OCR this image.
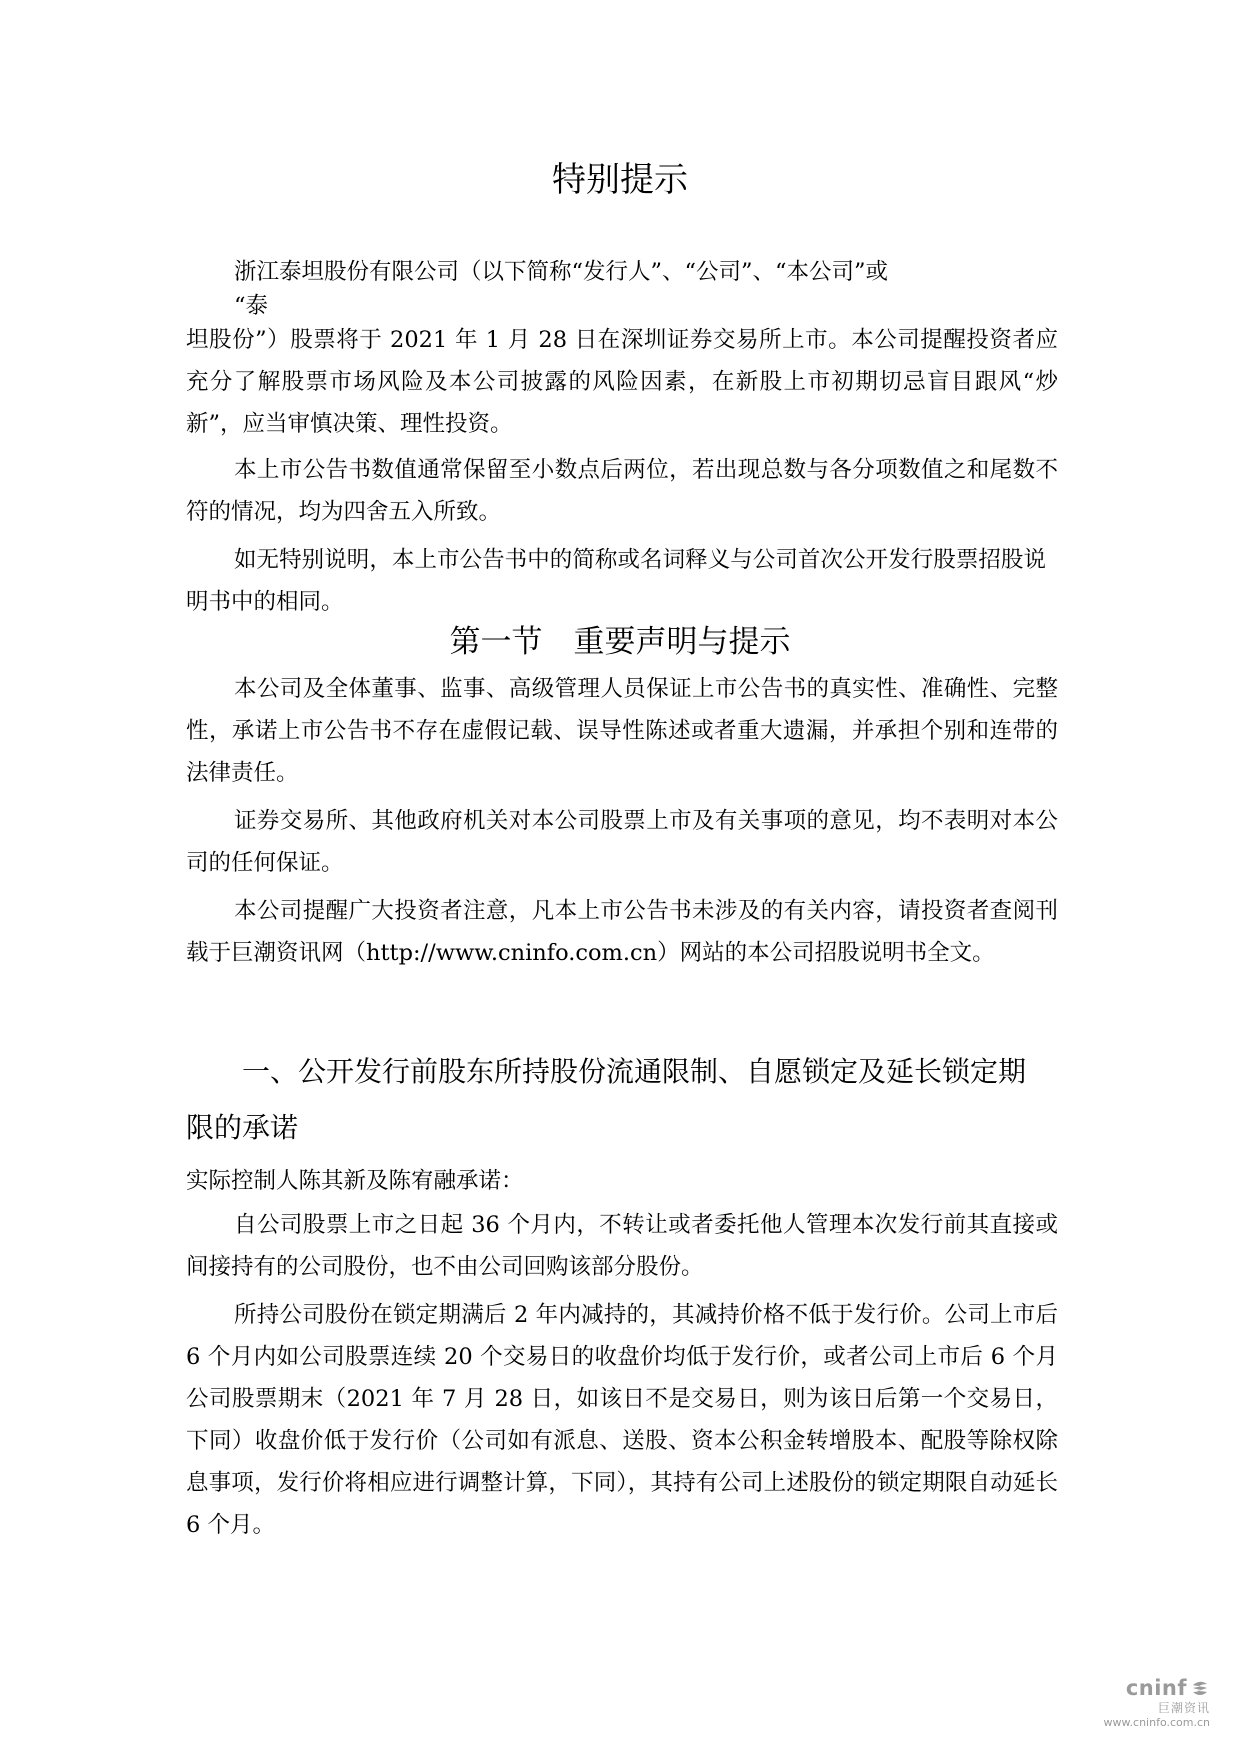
特别提示

浙江泰坦股份有限公司（以下简称“发行人”、“公司”、“本公司”或

“泰

坦股份”）股票将于 2021 年 1 月 28 日在深圳证券交易所上市。本公司提醒投资者应充分了解股票市场风险及本公司披露的风险因素，在新股上市初期切忌盲目跟风“炒新”，应当审慎决策、理性投资。

本上市公告书数值通常保留至小数点后两位，若出现总数与各分项数值之和尾数不符的情况，均为四舍五入所致。

如无特别说明，本上市公告书中的简称或名词释义与公司首次公开发行股票招股说明书中的相同。

第一节　重要声明与提示

本公司及全体董事、监事、高级管理人员保证上市公告书的真实性、准确性、完整性，承诺上市公告书不存在虚假记载、误导性陈述或者重大遗漏，并承担个别和连带的法律责任。

证券交易所、其他政府机关对本公司股票上市及有关事项的意见，均不表明对本公司的任何保证。

本公司提醒广大投资者注意，凡本上市公告书未涉及的有关内容，请投资者查阅刊载于巨潮资讯网（http://www.cninfo.com.cn）网站的本公司招股说明书全文。

一、公开发行前股东所持股份流通限制、自愿锁定及延长锁定期
限的承诺

实际控制人陈其新及陈宥融承诺：

自公司股票上市之日起 36 个月内，不转让或者委托他人管理本次发行前其直接或间接持有的公司股份，也不由公司回购该部分股份。

所持公司股份在锁定期满后 2 年内减持的，其减持价格不低于发行价。公司上市后 6 个月内如公司股票连续 20 个交易日的收盘价均低于发行价，或者公司上市后 6 个月公司股票期末（2021 年 7 月 28 日，如该日不是交易日，则为该日后第一个交易日，下同）收盘价低于发行价（公司如有派息、送股、资本公积金转增股本、配股等除权除息事项，发行价将相应进行调整计算，下同），其持有公司上述股份的锁定期限自动延长 6 个月。

cninf
巨潮资讯
www.cninfo.com.cn
